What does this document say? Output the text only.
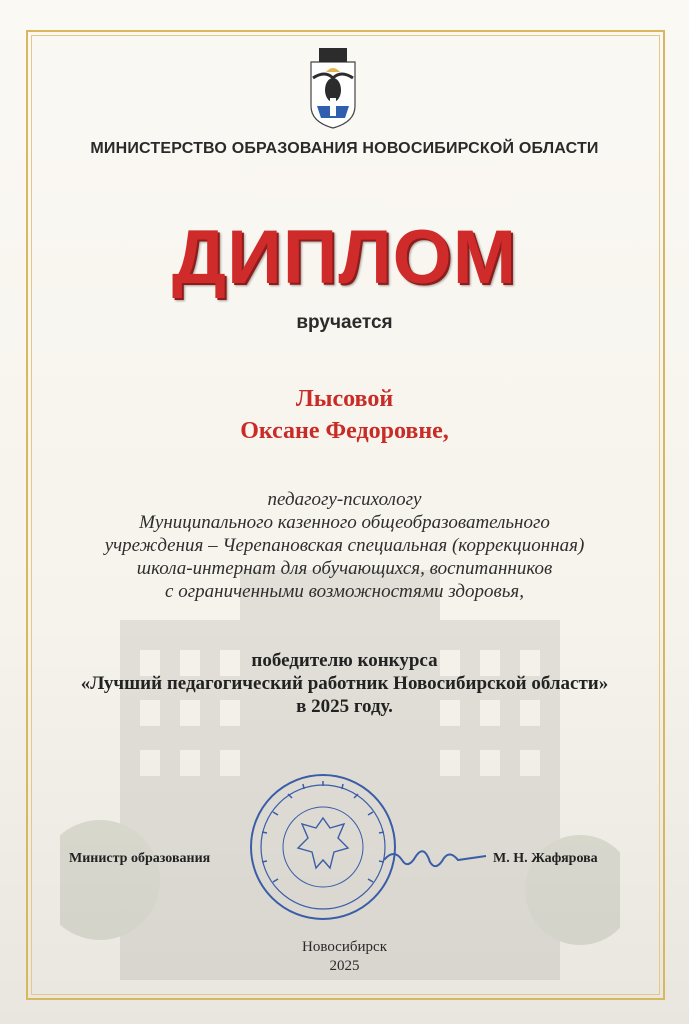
МИНИСТЕРСТВО ОБРАЗОВАНИЯ НОВОСИБИРСКОЙ ОБЛАСТИ
ДИПЛОМ
вручается
Лысовой
Оксане Федоровне,
педагогу-психологу
Муниципального казенного общеобразовательного
учреждения – Черепановская специальная (коррекционная)
школа-интернат для обучающихся, воспитанников
с ограниченными возможностями здоровья,
победителю конкурса
«Лучший педагогический работник Новосибирской области»
в 2025 году.
Министр образования	М. Н. Жафярова
Новосибирск
2025
